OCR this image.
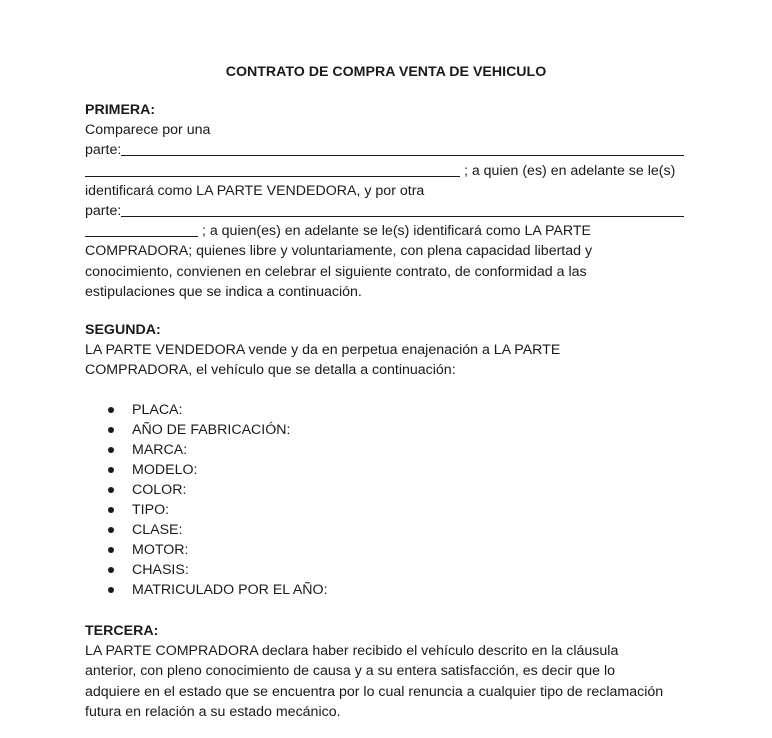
CONTRATO DE COMPRA VENTA DE VEHICULO
PRIMERA:
Comparece por una
parte:
; a quien (es) en adelante se le(s)
identificará como LA PARTE VENDEDORA, y por otra
parte:
; a quien(es) en adelante se le(s) identificará como LA PARTE
COMPRADORA; quienes libre y voluntariamente, con plena capacidad libertad y
conocimiento, convienen en celebrar el siguiente contrato, de conformidad a las
estipulaciones que se indica a continuación.
SEGUNDA:
LA PARTE VENDEDORA vende y da en perpetua enajenación a LA PARTE
COMPRADORA, el vehículo que se detalla a continuación:
PLACA:
AÑO DE FABRICACIÓN:
MARCA:
MODELO:
COLOR:
TIPO:
CLASE:
MOTOR:
CHASIS:
MATRICULADO POR EL AÑO:
TERCERA:
LA PARTE COMPRADORA declara haber recibido el vehículo descrito en la cláusula
anterior, con pleno conocimiento de causa y a su entera satisfacción, es decir que lo
adquiere en el estado que se encuentra por lo cual renuncia a cualquier tipo de reclamación
futura en relación a su estado mecánico.
